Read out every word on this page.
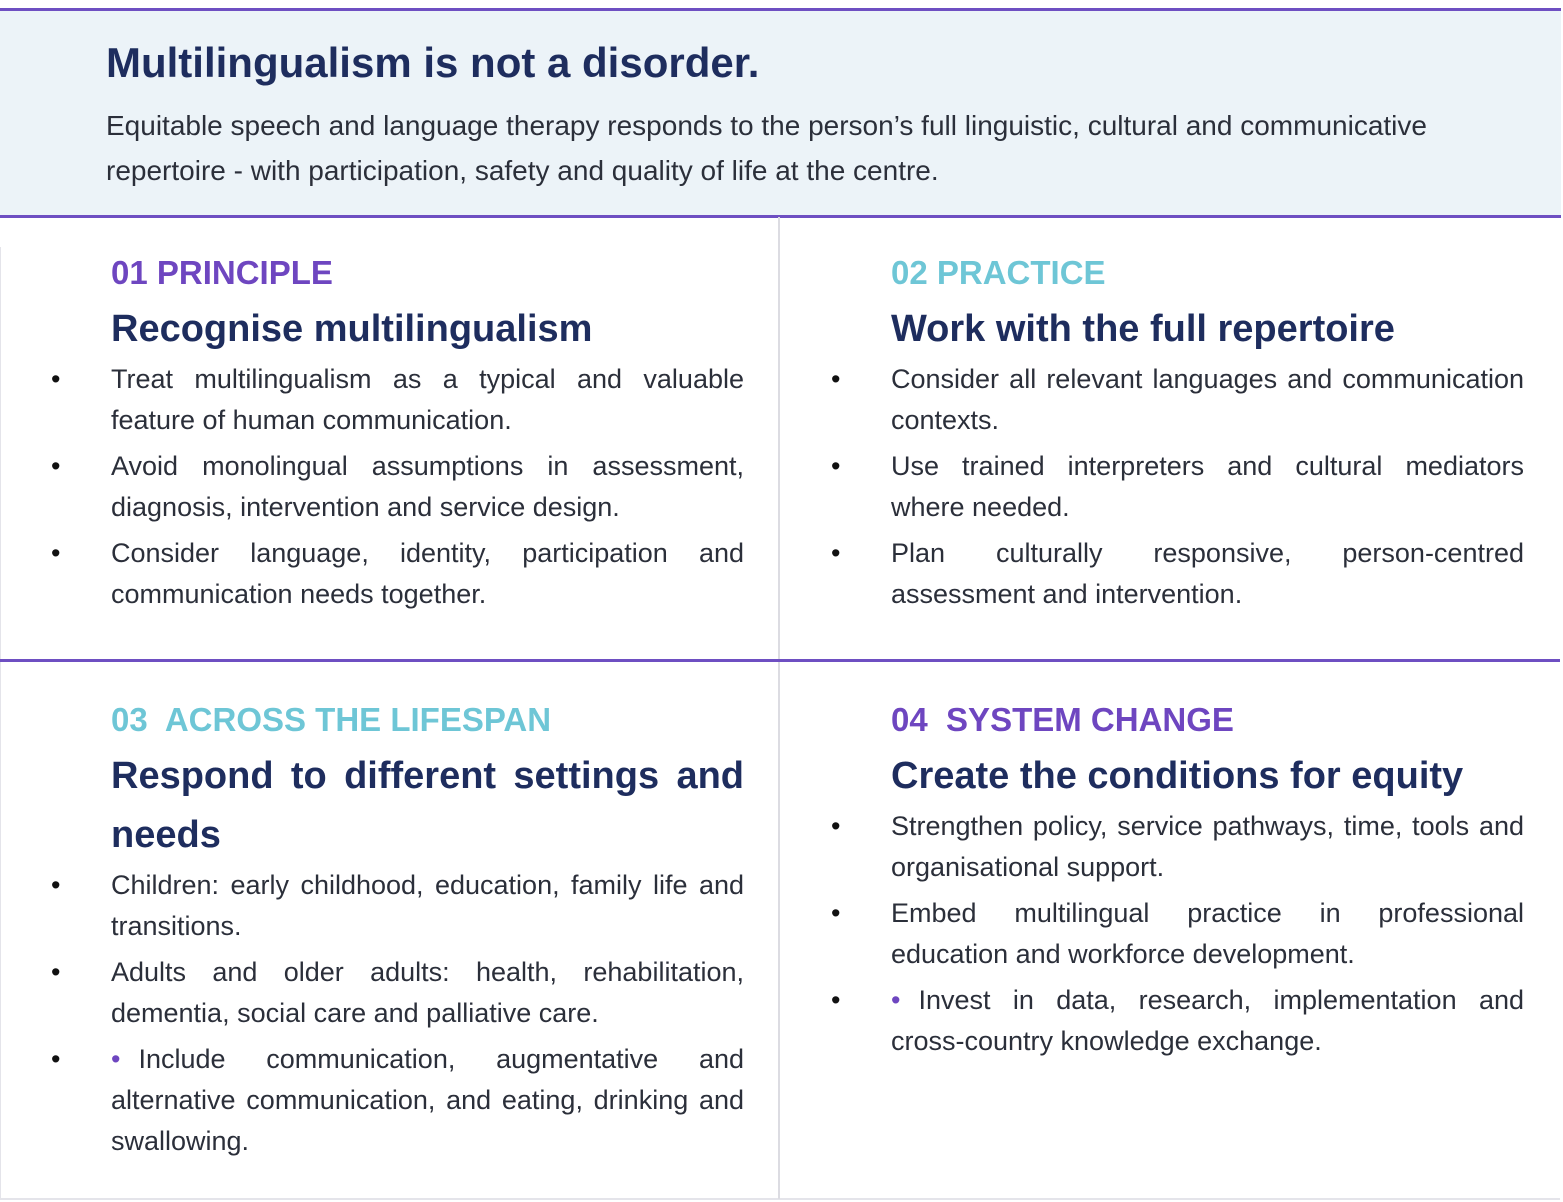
Multilingualism is not a disorder.

Equitable speech and language therapy responds to the person’s full linguistic, cultural and communicative repertoire - with participation, safety and quality of life at the centre.

01 PRINCIPLE
Recognise multilingualism
•	Treat multilingualism as a typical and valuable feature of human communication.
•	Avoid monolingual assumptions in assessment, diagnosis, intervention and service design.
•	Consider language, identity, participation and communication needs together.
02 PRACTICE
Work with the full repertoire
•	Consider all relevant languages and communication contexts.
•	Use trained interpreters and cultural mediators where needed.
•	Plan culturally responsive, person-centred assessment and intervention.
03  ACROSS THE LIFESPAN
Respond to different settings and needs
•	Children: early childhood, education, family life and transitions.
•	Adults and older adults: health, rehabilitation, dementia, social care and palliative care.
•	• Include communication, augmentative and alternative communication, and eating, drinking and swallowing.
04  SYSTEM CHANGE
Create the conditions for equity
•	Strengthen policy, service pathways, time, tools and organisational support.
•	Embed multilingual practice in professional education and workforce development.
•	• Invest in data, research, implementation and cross-country knowledge exchange.
